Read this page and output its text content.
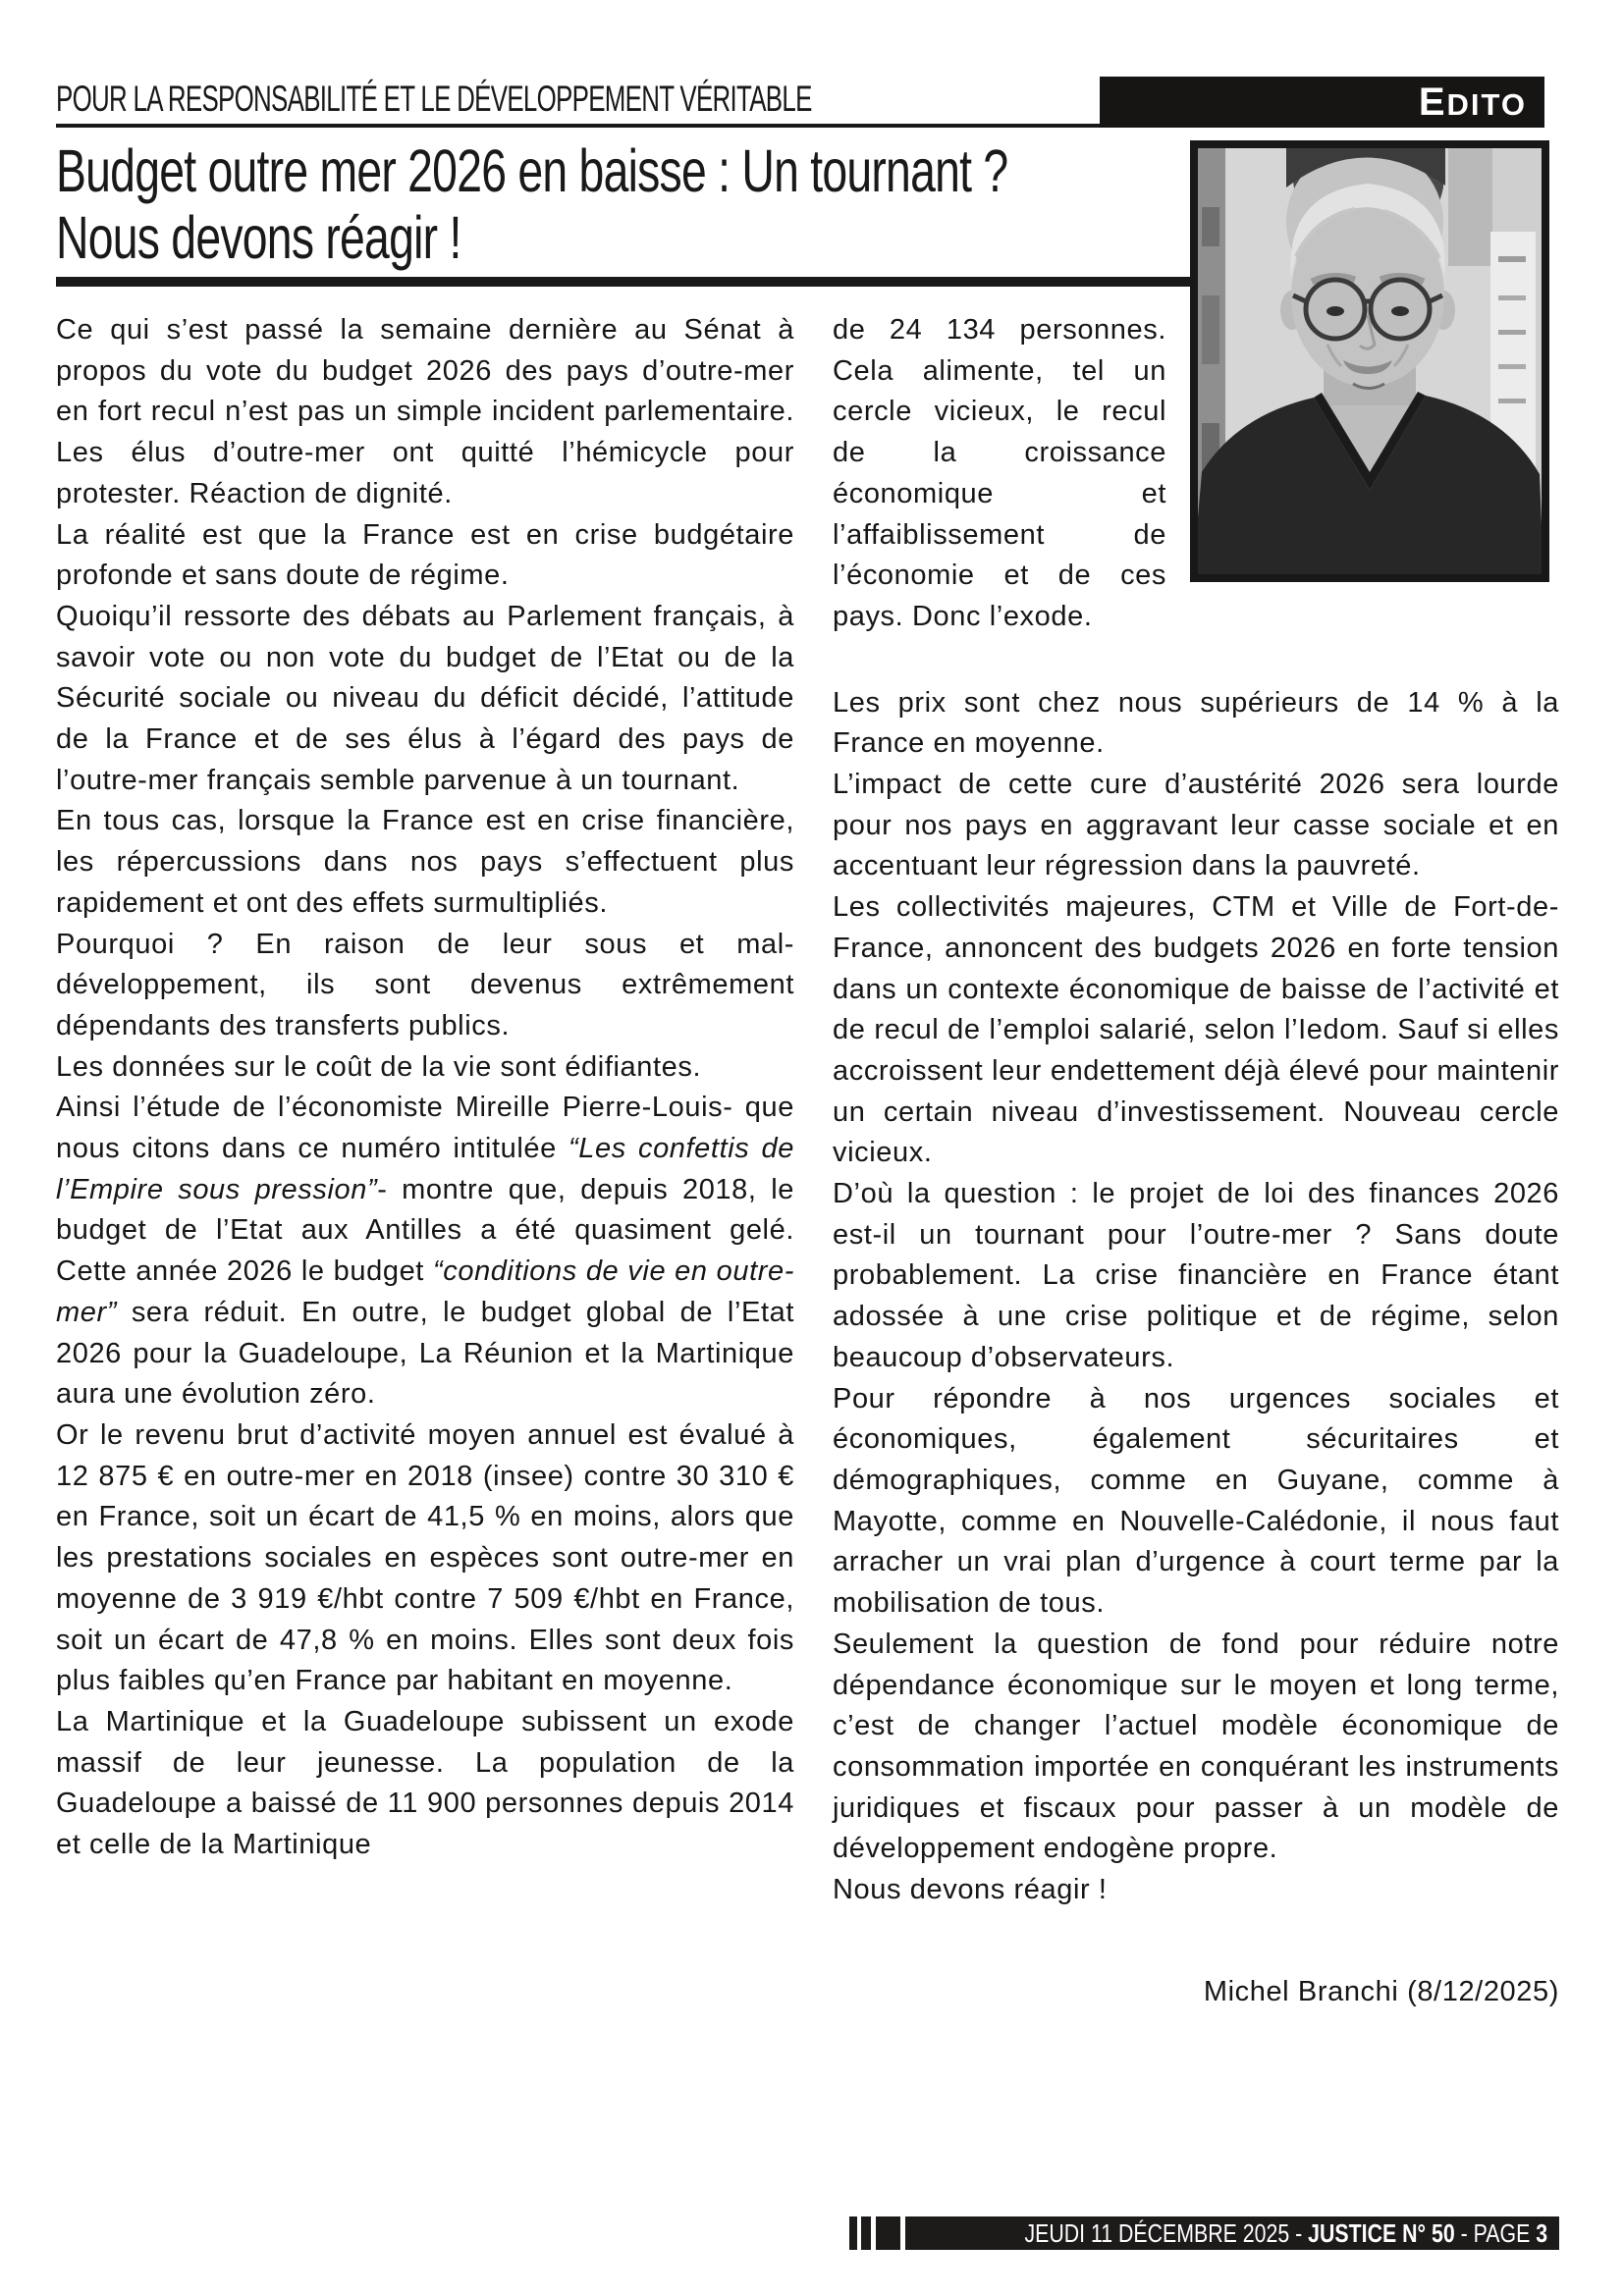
POUR LA RESPONSABILITÉ ET LE DÉVELOPPEMENT VÉRITABLE	EDITO
Budget outre mer 2026 en baisse : Un tournant ?
Nous devons réagir !

Ce qui s’est passé la semaine dernière au Sénat à propos du vote du budget 2026 des pays d’outre-mer en fort recul n’est pas un simple incident parlementaire. Les élus d’outre-mer ont quitté l’hémicycle pour protester. Réaction de dignité.

La réalité est que la France est en crise budgétaire profonde et sans doute de régime.

Quoiqu’il ressorte des débats au Parlement français, à savoir vote ou non vote du budget de l’Etat ou de la Sécurité sociale ou niveau du déficit décidé, l’attitude de la France et de ses élus à l’égard des pays de l’outre-mer français semble parvenue à un tournant.

En tous cas, lorsque la France est en crise financière, les répercussions dans nos pays s’effectuent plus rapidement et ont des effets surmultipliés.

Pourquoi ? En raison de leur sous et mal-développement, ils sont devenus extrêmement dépendants des transferts publics.

Les données sur le coût de la vie sont édifiantes.

Ainsi l’étude de l’économiste Mireille Pierre-Louis- que nous citons dans ce numéro intitulée “Les confettis de l’Empire sous pression”- montre que, depuis 2018, le budget de l’Etat aux Antilles a été quasiment gelé. Cette année 2026 le budget “conditions de vie en outre-mer” sera réduit. En outre, le budget global de l’Etat 2026 pour la Guadeloupe, La Réunion et la Martinique aura une évolution zéro.

Or le revenu brut d’activité moyen annuel est évalué à 12 875 € en outre-mer en 2018 (insee) contre 30 310 € en France, soit un écart de 41,5 % en moins, alors que les prestations sociales en espèces sont outre-mer en moyenne de 3 919 €/hbt contre 7 509 €/hbt en France, soit un écart de 47,8 % en moins. Elles sont deux fois plus faibles qu’en France par habitant en moyenne.

La Martinique et la Guadeloupe subissent un exode massif de leur jeunesse. La population de la Guadeloupe a baissé de 11 900 personnes depuis 2014 et celle de la Martinique

de 24 134 personnes. Cela alimente, tel un cercle vicieux, le recul de la croissance économique et l’affaiblissement de l’économie et de ces pays. Donc l’exode.

Les prix sont chez nous supérieurs de 14 % à la France en moyenne.

L’impact de cette cure d’austérité 2026 sera lourde pour nos pays en aggravant leur casse sociale et en accentuant leur régression dans la pauvreté.

Les collectivités majeures, CTM et Ville de Fort-de-France, annoncent des budgets 2026 en forte tension dans un contexte économique de baisse de l’activité et de recul de l’emploi salarié, selon l’Iedom. Sauf si elles accroissent leur endettement déjà élevé pour maintenir un certain niveau d’investissement. Nouveau cercle vicieux.

D’où la question : le projet de loi des finances 2026 est-il un tournant pour l’outre-mer ? Sans doute probablement. La crise financière en France étant adossée à une crise politique et de régime, selon beaucoup d’observateurs.

Pour répondre à nos urgences sociales et économiques, également sécuritaires et démographiques, comme en Guyane, comme à Mayotte, comme en Nouvelle-Calédonie, il nous faut arracher un vrai plan d’urgence à court terme par la mobilisation de tous.

Seulement la question de fond pour réduire notre dépendance économique sur le moyen et long terme, c’est de changer l’actuel modèle économique de consommation importée en conquérant les instruments juridiques et fiscaux pour passer à un modèle de développement endogène propre.

Nous devons réagir !

Michel Branchi (8/12/2025)

JEUDI 11 DÉCEMBRE 2025 - JUSTICE N° 50 - PAGE 3
